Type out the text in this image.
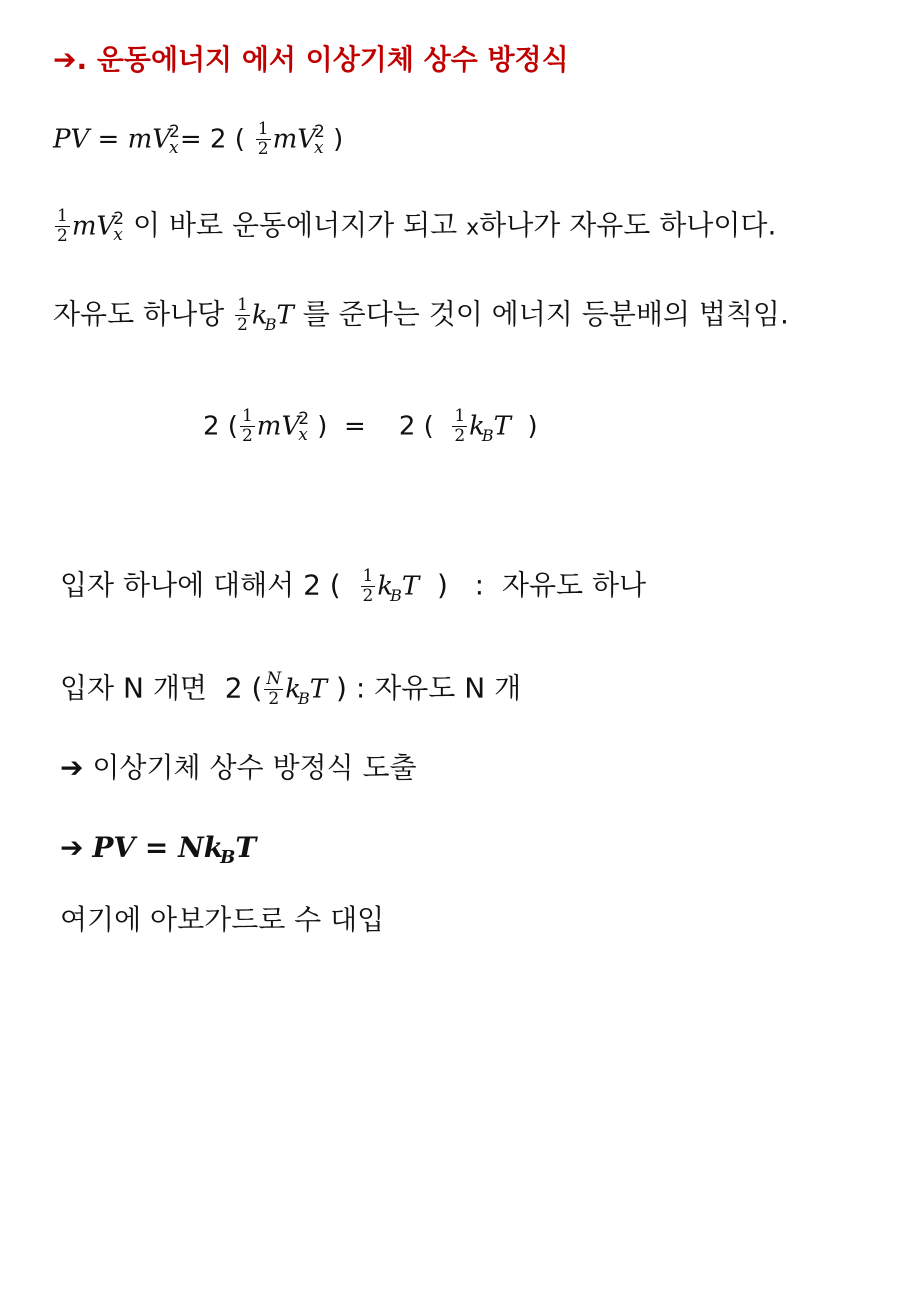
➔. 운동에너지 에서 이상기체 상수 방정식
PV = mV
2
x = 2 ( $\frac{1}{2}$ mV
2
x )
$\frac{1}{2}$ mV
2
x 이 바로 운동에너지가 되고 x하나가 자유도 하나이다.
자유도 하나당 $\frac{1}{2} k_BT$ 를 준다는 것이 에너지 등분배의 법칙임.
2 ( $\frac{1}{2}$ mV
2
x )  =    2 ( $\frac{1}{2} k_BT$  )
입자 하나에 대해서 2 ( $\frac{1}{2} k_BT$  )   :  자유도 하나
입자 N 개면  2 ( $\frac{N}{2} k_BT$ ) : 자유도 N 개
➔ 이상기체 상수 방정식 도출
➔ PV = $Nk_BT$
여기에 아보가드로 수 대입
